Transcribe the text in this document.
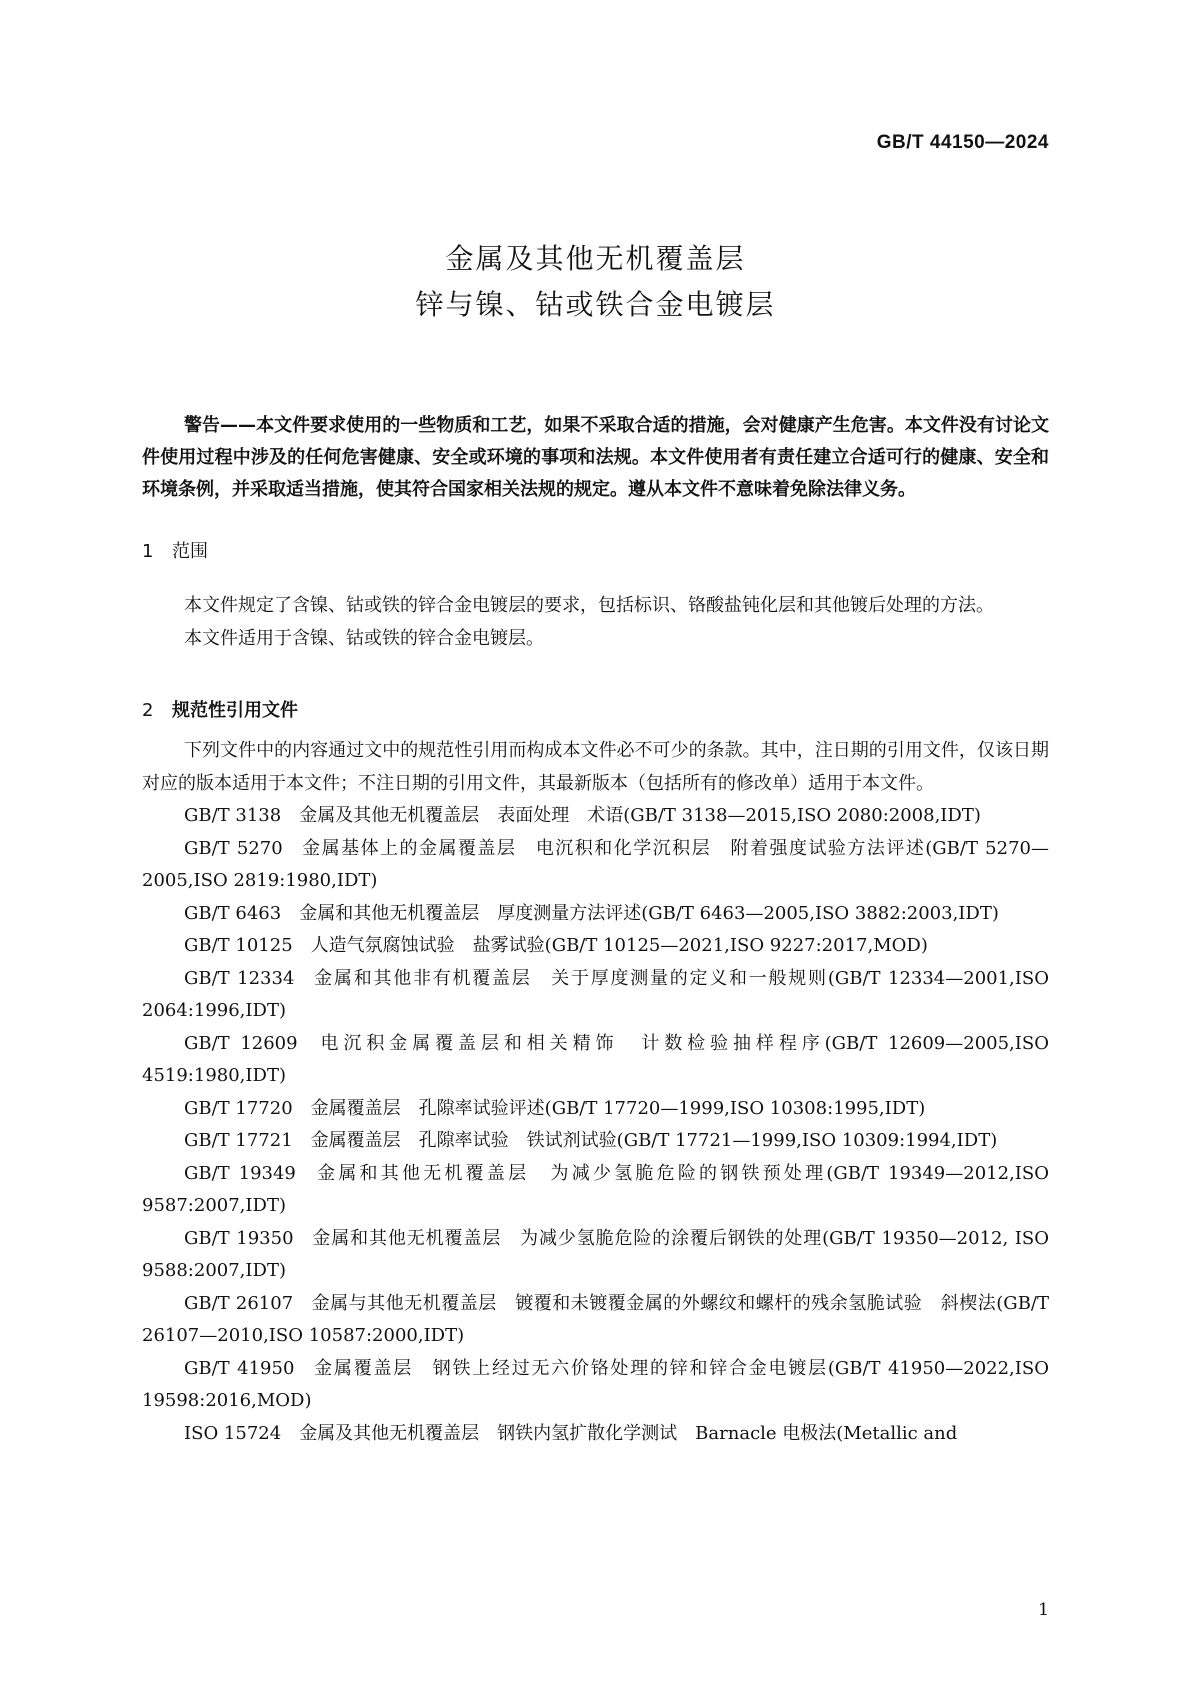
GB/T 44150—2024
金属及其他无机覆盖层
锌与镍、钴或铁合金电镀层

警告——本文件要求使用的一些物质和工艺，如果不采取合适的措施，会对健康产生危害。本文件没有讨论文件使用过程中涉及的任何危害健康、安全或环境的事项和法规。本文件使用者有责任建立合适可行的健康、安全和环境条例，并采取适当措施，使其符合国家相关法规的规定。遵从本文件不意味着免除法律义务。

1 范围

本文件规定了含镍、钴或铁的锌合金电镀层的要求，包括标识、铬酸盐钝化层和其他镀后处理的方法。

本文件适用于含镍、钴或铁的锌合金电镀层。

2 规范性引用文件

下列文件中的内容通过文中的规范性引用而构成本文件必不可少的条款。其中，注日期的引用文件，仅该日期对应的版本适用于本文件；不注日期的引用文件，其最新版本（包括所有的修改单）适用于本文件。

GB/T 3138 金属及其他无机覆盖层　表面处理　术语(GB/T 3138—2015,ISO 2080:2008,IDT)

GB/T 5270 金属基体上的金属覆盖层　电沉积和化学沉积层　附着强度试验方法评述(GB/T 5270—2005,ISO 2819:1980,IDT)

GB/T 6463 金属和其他无机覆盖层　厚度测量方法评述(GB/T 6463—2005,ISO 3882:2003,IDT)

GB/T 10125 人造气氛腐蚀试验　盐雾试验(GB/T 10125—2021,ISO 9227:2017,MOD)

GB/T 12334 金属和其他非有机覆盖层　关于厚度测量的定义和一般规则(GB/T 12334—2001,ISO 2064:1996,IDT)

GB/T 12609 电沉积金属覆盖层和相关精饰　计数检验抽样程序(GB/T 12609—2005,ISO 4519:1980,IDT)

GB/T 17720 金属覆盖层　孔隙率试验评述(GB/T 17720—1999,ISO 10308:1995,IDT)

GB/T 17721 金属覆盖层　孔隙率试验　铁试剂试验(GB/T 17721—1999,ISO 10309:1994,IDT)

GB/T 19349 金属和其他无机覆盖层　为减少氢脆危险的钢铁预处理(GB/T 19349—2012,ISO 9587:2007,IDT)

GB/T 19350 金属和其他无机覆盖层　为减少氢脆危险的涂覆后钢铁的处理(GB/T 19350—2012, ISO 9588:2007,IDT)

GB/T 26107 金属与其他无机覆盖层　镀覆和未镀覆金属的外螺纹和螺杆的残余氢脆试验　斜楔法(GB/T 26107—2010,ISO 10587:2000,IDT)

GB/T 41950 金属覆盖层　钢铁上经过无六价铬处理的锌和锌合金电镀层(GB/T 41950—2022,ISO 19598:2016,MOD)

ISO 15724 金属及其他无机覆盖层　钢铁内氢扩散化学测试　Barnacle 电极法(Metallic and

1
